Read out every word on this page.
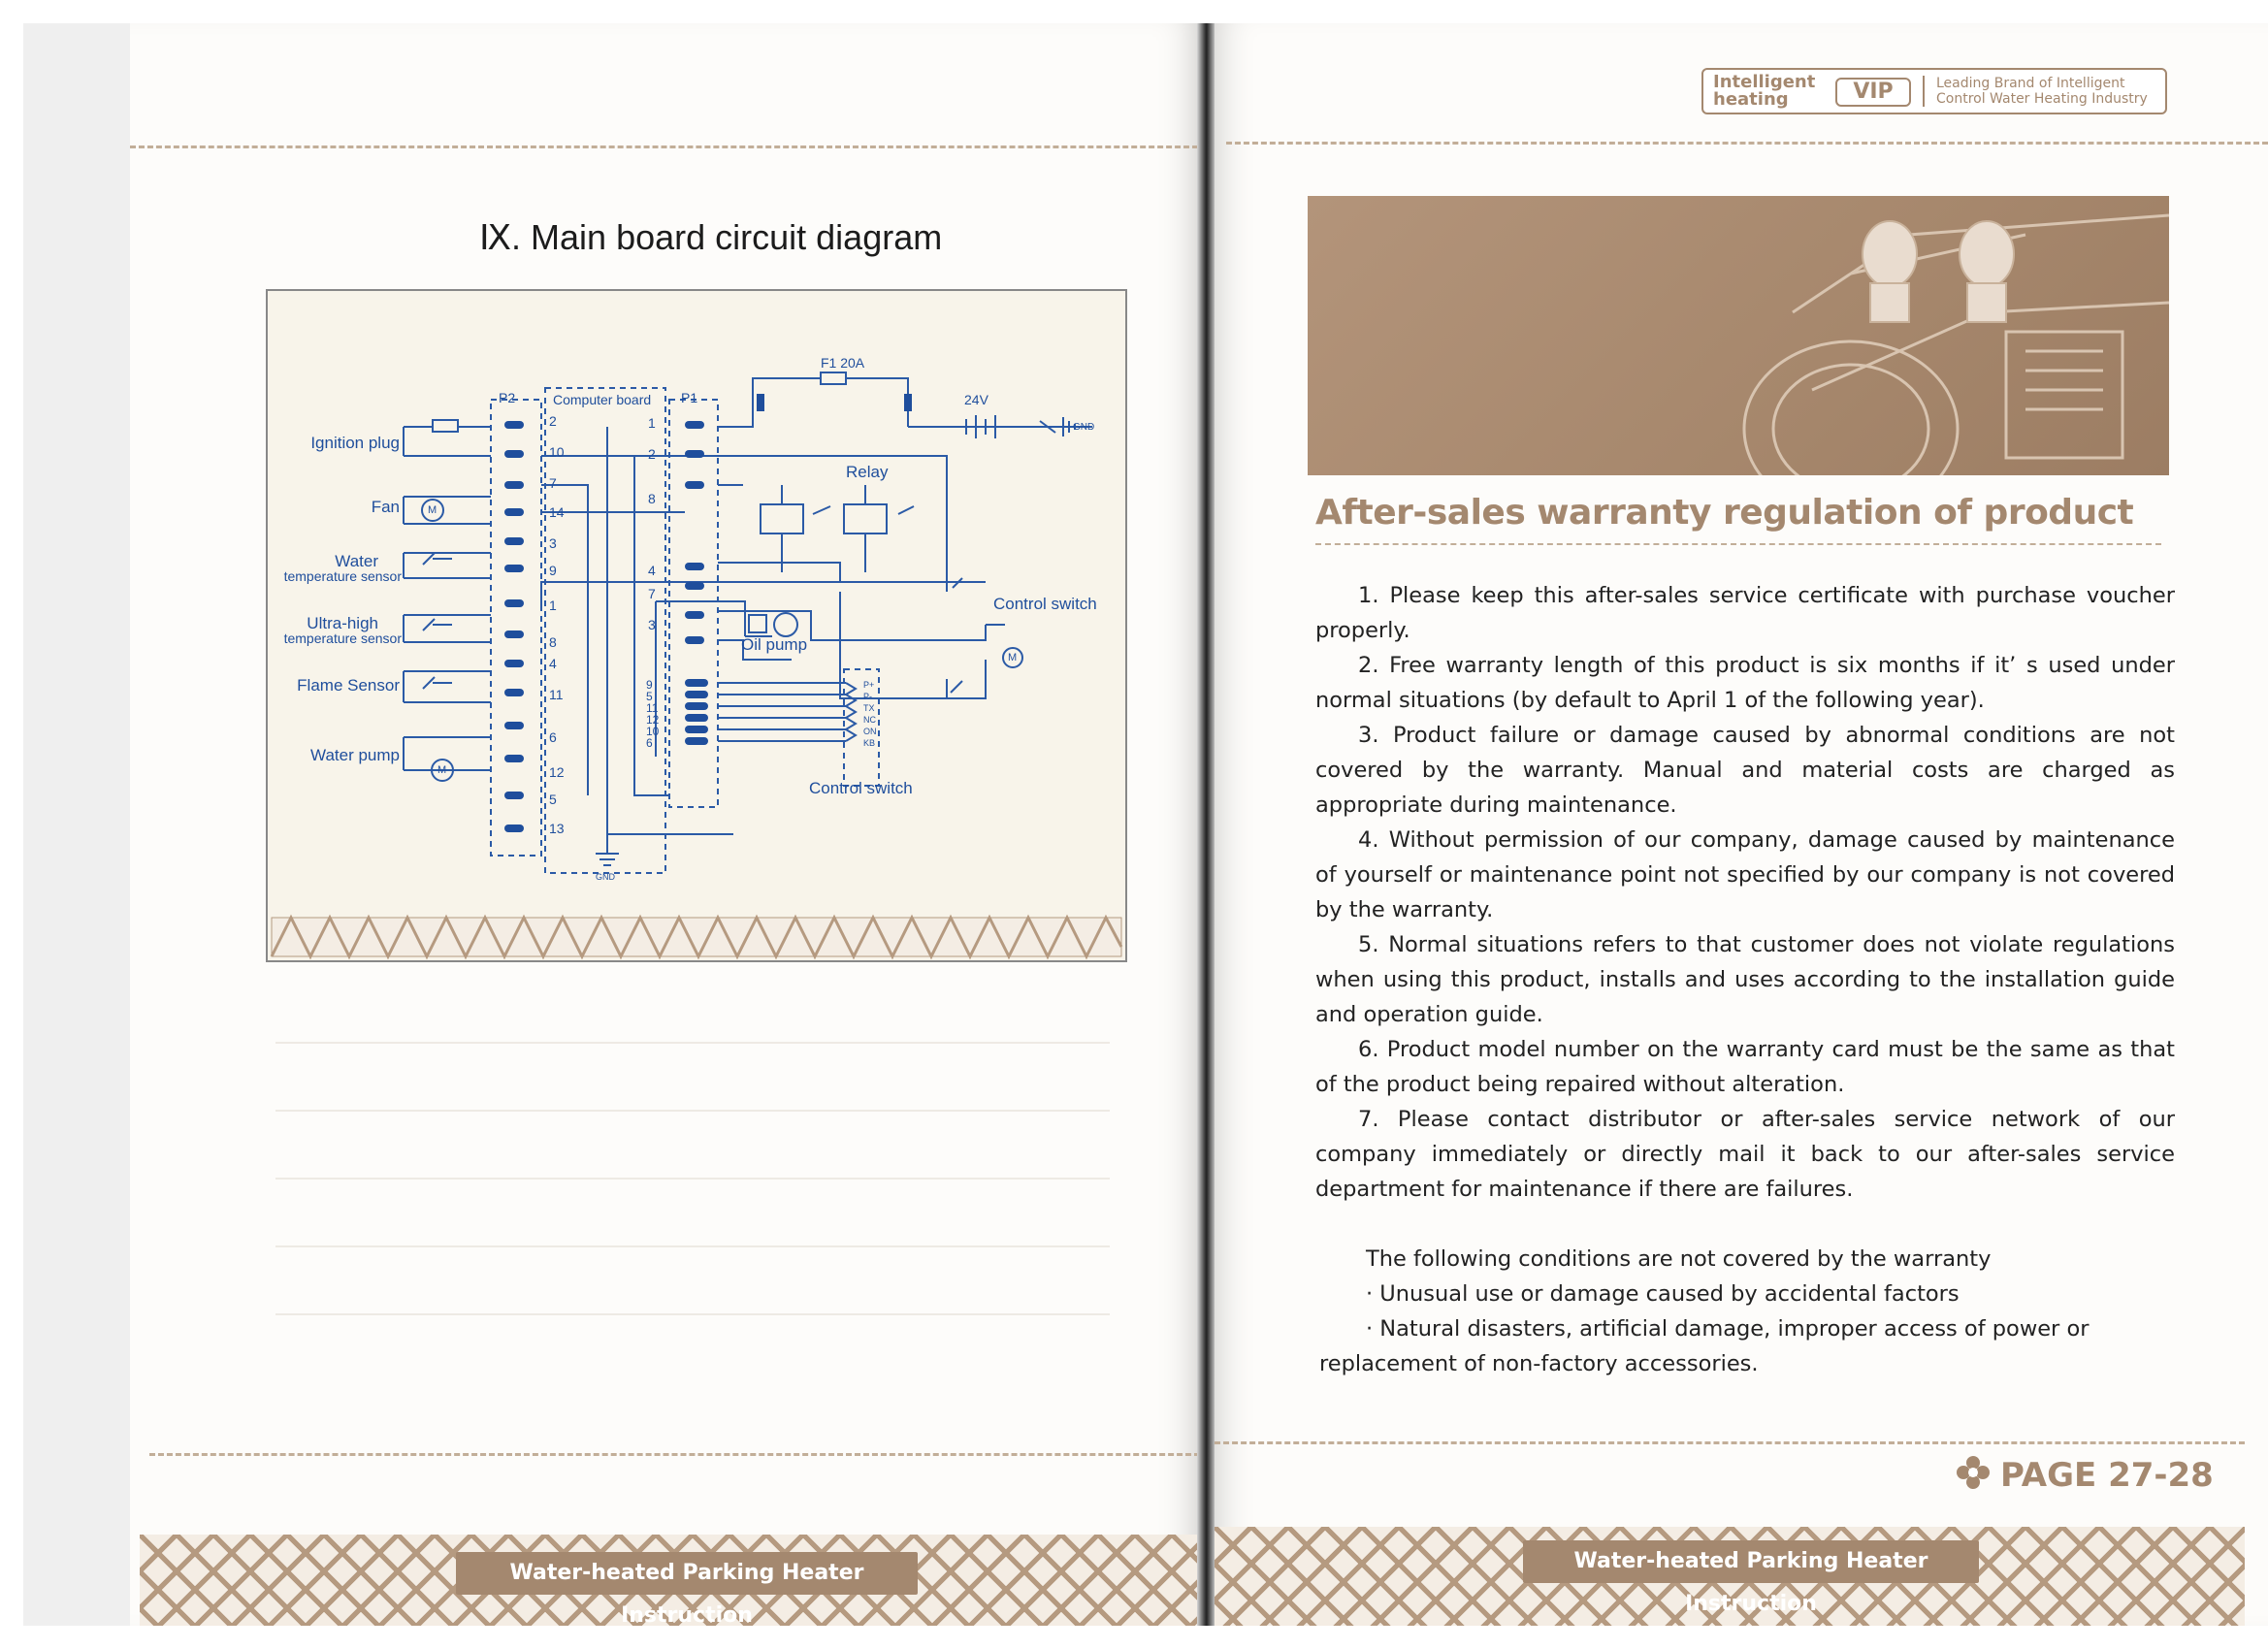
Ⅸ. Main board circuit diagram
F1 20A
24V
GND
P2	Computer board P1
Relay
Ignition plug
Fan
Water
temperature sensor
Ultra-high
temperature sensor
Flame Sensor
Water pump
Oil pump
Control switch
Control switch
2
10
7
14
3
9
1
8
4
11
6
12
5
13
1
2
8
4
7
3
9
5
11
12
10
6
P+
P-
TX
NC
ON
KB
M
M
M
GND
Water-heated Parking Heater Instruction
Intelligent
heating	VIP	Leading Brand of Intelligent
Control Water Heating Industry
After-sales warranty regulation of product

1. Please keep this after-sales service certificate with purchase voucher properly.

2. Free warranty length of this product is six months if it’ s used under normal situations (by default to April 1 of the following year).

3. Product failure or damage caused by abnormal conditions are not covered by the warranty. Manual and material costs are charged as appropriate during maintenance.

4. Without permission of our company, damage caused by maintenance of yourself or maintenance point not specified by our company is not covered by the warranty.

5. Normal situations refers to that customer does not violate regulations when using this product, installs and uses according to the installation guide and operation guide.

6. Product model number on the warranty card must be the same as that of the product being repaired without alteration.

7. Please contact distributor or after-sales service network of our company immediately or directly mail it back to our after-sales service department for maintenance if there are failures.

The following conditions are not covered by the warranty

· Unusual use or damage caused by accidental factors

· Natural disasters, artificial damage, improper access of power or replacement of non-factory accessories.

PAGE 27-28
Water-heated Parking Heater Instruction
